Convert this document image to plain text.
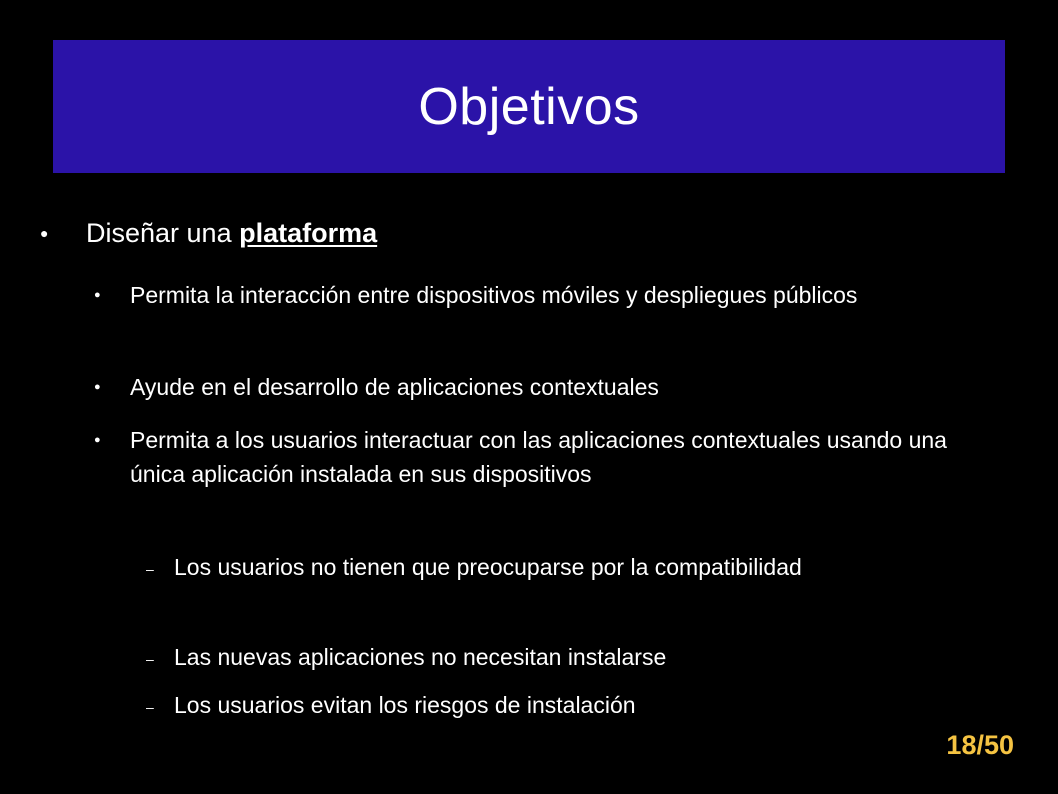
Objetivos
●	Diseñar una plataforma
●	Permita la interacción entre dispositivos móviles y despliegues públicos
●	Ayude en el desarrollo de aplicaciones contextuales
●	Permita a los usuarios interactuar con las aplicaciones contextuales usando una única aplicación instalada en sus dispositivos
– Los usuarios no tienen que preocuparse por la compatibilidad
– Las nuevas aplicaciones no necesitan instalarse
– Los usuarios evitan los riesgos de instalación
18/50
